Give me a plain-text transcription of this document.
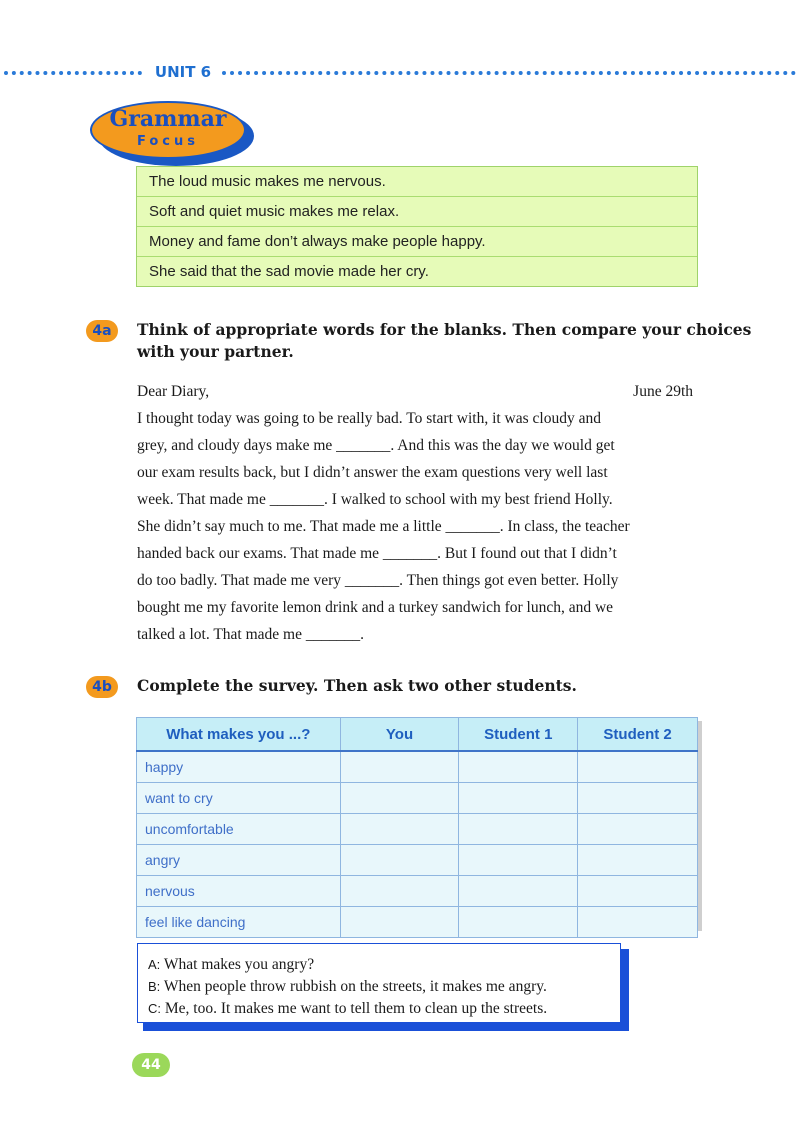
UNIT 6
Grammar
Focus
The loud music makes me nervous.
Soft and quiet music makes me relax.
Money and fame don’t always make people happy.
She said that the sad movie made her cry.
4a	Think of appropriate words for the blanks. Then compare your choices
with your partner.
Dear Diary,	June 29th
I thought today was going to be really bad. To start with, it was cloudy and
grey, and cloudy days make me _______. And this was the day we would get
our exam results back, but I didn’t answer the exam questions very well last
week. That made me _______. I walked to school with my best friend Holly.
She didn’t say much to me. That made me a little _______. In class, the teacher
handed back our exams. That made me _______. But I found out that I didn’t
do too badly. That made me very _______. Then things got even better. Holly
bought me my favorite lemon drink and a turkey sandwich for lunch, and we
talked a lot. That made me _______.
4b	Complete the survey. Then ask two other students.
What makes you ...?	You	Student 1	Student 2
happy			
want to cry			
uncomfortable			
angry			
nervous			
feel like dancing			
A: What makes you angry?
B: When people throw rubbish on the streets, it makes me angry.
C: Me, too. It makes me want to tell them to clean up the streets.
44
